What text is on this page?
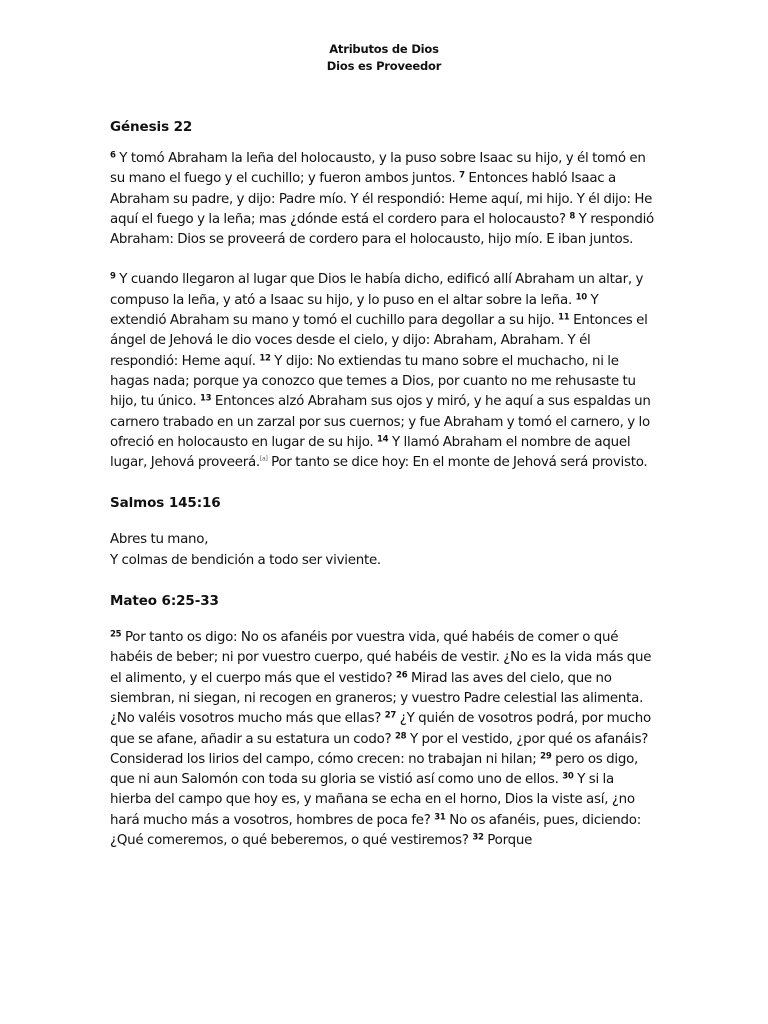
Atributos de Dios
Dios es Proveedor
Génesis 22

$^6$ Y tomó Abraham la leña del holocausto, y la puso sobre Isaac su hijo, y él tomó en su mano el fuego y el cuchillo; y fueron ambos juntos. $^7$ Entonces habló Isaac a Abraham su padre, y dijo: Padre mío. Y él respondió: Heme aquí, mi hijo. Y él dijo: He aquí el fuego y la leña; mas ¿dónde está el cordero para el holocausto? $^8$ Y respondió Abraham: Dios se proveerá de cordero para el holocausto, hijo mío. E iban juntos.

$^9$ Y cuando llegaron al lugar que Dios le había dicho, edificó allí Abraham un altar, y compuso la leña, y ató a Isaac su hijo, y lo puso en el altar sobre la leña. $^{10}$ Y extendió Abraham su mano y tomó el cuchillo para degollar a su hijo. $^{11}$ Entonces el ángel de Jehová le dio voces desde el cielo, y dijo: Abraham, Abraham. Y él respondió: Heme aquí. $^{12}$ Y dijo: No extiendas tu mano sobre el muchacho, ni le hagas nada; porque ya conozco que temes a Dios, por cuanto no me rehusaste tu hijo, tu único. $^{13}$ Entonces alzó Abraham sus ojos y miró, y he aquí a sus espaldas un carnero trabado en un zarzal por sus cuernos; y fue Abraham y tomó el carnero, y lo ofreció en holocausto en lugar de su hijo. $^{14}$ Y llamó Abraham el nombre de aquel lugar, Jehová proveerá.[a] Por tanto se dice hoy: En el monte de Jehová será provisto.

Salmos 145:16

Abres tu mano,
Y colmas de bendición a todo ser viviente.

Mateo 6:25-33

$^{25}$ Por tanto os digo: No os afanéis por vuestra vida, qué habéis de comer o qué habéis de beber; ni por vuestro cuerpo, qué habéis de vestir. ¿No es la vida más que el alimento, y el cuerpo más que el vestido? $^{26}$ Mirad las aves del cielo, que no siembran, ni siegan, ni recogen en graneros; y vuestro Padre celestial las alimenta. ¿No valéis vosotros mucho más que ellas? $^{27}$ ¿Y quién de vosotros podrá, por mucho que se afane, añadir a su estatura un codo? $^{28}$ Y por el vestido, ¿por qué os afanáis? Considerad los lirios del campo, cómo crecen: no trabajan ni hilan; $^{29}$ pero os digo, que ni aun Salomón con toda su gloria se vistió así como uno de ellos. $^{30}$ Y si la hierba del campo que hoy es, y mañana se echa en el horno, Dios la viste así, ¿no hará mucho más a vosotros, hombres de poca fe? $^{31}$ No os afanéis, pues, diciendo: ¿Qué comeremos, o qué beberemos, o qué vestiremos? $^{32}$ Porque
